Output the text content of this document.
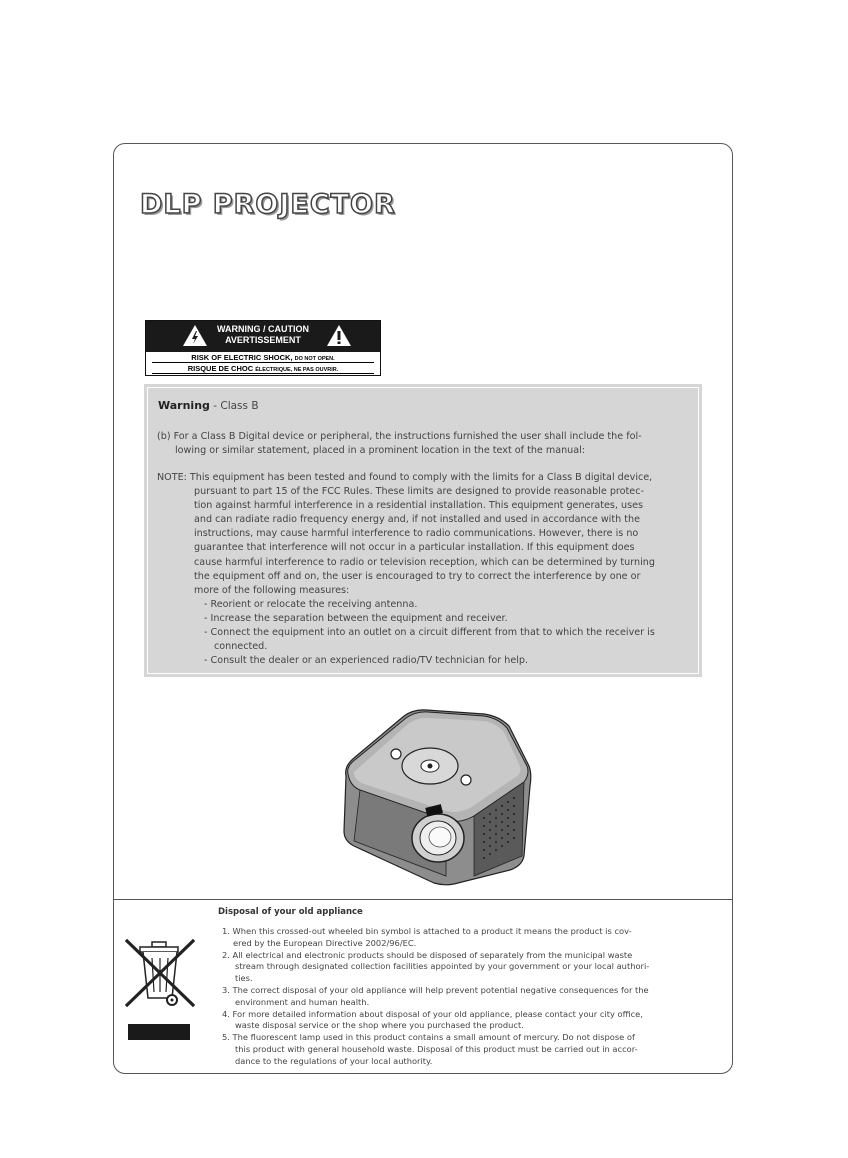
DLP PROJECTOR
WARNING / CAUTION
AVERTISSEMENT
RISK OF ELECTRIC SHOCK, DO NOT OPEN.
RISQUE DE CHOC ÉLECTRIQUE, NE PAS OUVRIR.
Warning - Class B
(b) For a Class B Digital device or peripheral, the instructions furnished the user shall include the fol-
lowing or similar statement, placed in a prominent location in the text of the manual:
NOTE: This equipment has been tested and found to comply with the limits for a Class B digital device,
pursuant to part 15 of the FCC Rules. These limits are designed to provide reasonable protec-
tion against harmful interference in a residential installation. This equipment generates, uses
and can radiate radio frequency energy and, if not installed and used in accordance with the
instructions, may cause harmful interference to radio communications. However, there is no
guarantee that interference will not occur in a particular installation. If this equipment does
cause harmful interference to radio or television reception, which can be determined by turning
the equipment off and on, the user is encouraged to try to correct the interference by one or
more of the following measures:
- Reorient or relocate the receiving antenna.
- Increase the separation between the equipment and receiver.
- Connect the equipment into an outlet on a circuit different from that to which the receiver is
connected.
- Consult the dealer or an experienced radio/TV technician for help.
Disposal of your old appliance
1. When this crossed-out wheeled bin symbol is attached to a product it means the product is cov-
ered by the European Directive 2002/96/EC.
2. All electrical and electronic products should be disposed of separately from the municipal waste
stream through designated collection facilities appointed by your government or your local authori-
ties.
3. The correct disposal of your old appliance will help prevent potential negative consequences for the
environment and human health.
4. For more detailed information about disposal of your old appliance, please contact your city office,
waste disposal service or the shop where you purchased the product.
5. The fluorescent lamp used in this product contains a small amount of mercury. Do not dispose of
this product with general household waste. Disposal of this product must be carried out in accor-
dance to the regulations of your local authority.
